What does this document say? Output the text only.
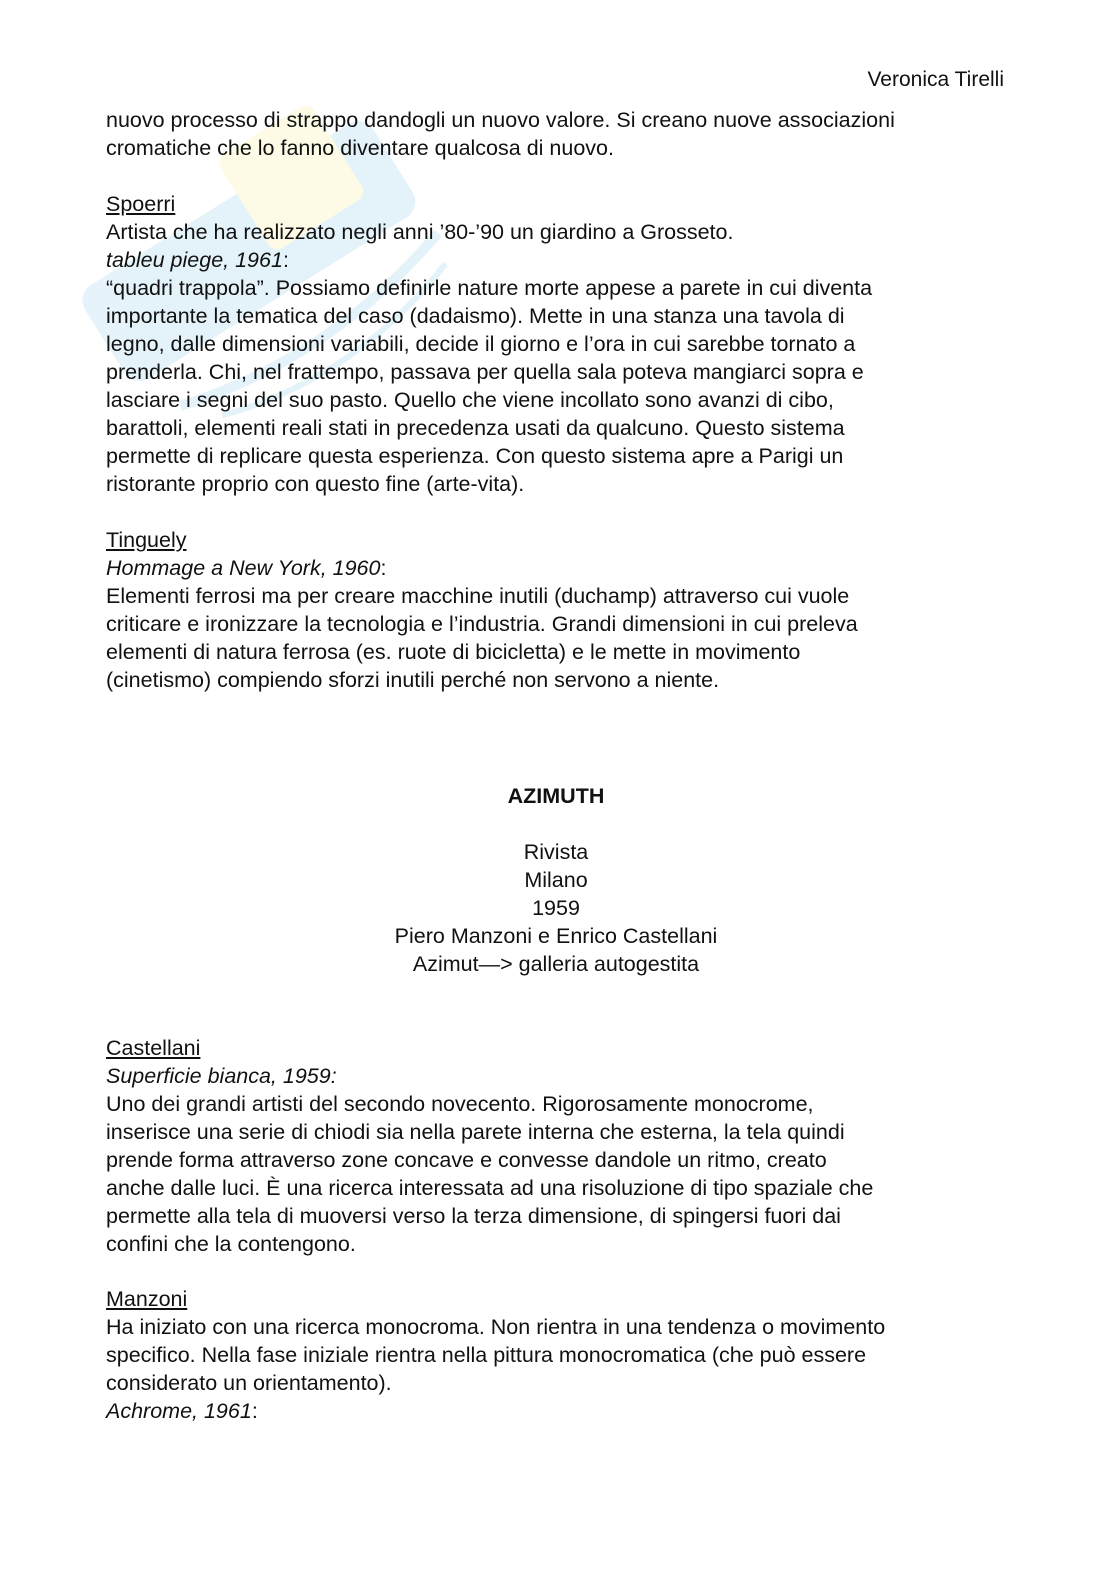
Veronica Tirelli

nuovo processo di strappo dandogli un nuovo valore. Si creano nuove associazioni

cromatiche che lo fanno diventare qualcosa di nuovo.

Spoerri

Artista che ha realizzato negli anni ’80-’90 un giardino a Grosseto.

tableu piege, 1961:

“quadri trappola”. Possiamo definirle nature morte appese a parete in cui diventa

importante la tematica del caso (dadaismo). Mette in una stanza una tavola di

legno, dalle dimensioni variabili, decide il giorno e l’ora in cui sarebbe tornato a

prenderla. Chi, nel frattempo, passava per quella sala poteva mangiarci sopra e

lasciare i segni del suo pasto. Quello che viene incollato sono avanzi di cibo,

barattoli, elementi reali stati in precedenza usati da qualcuno. Questo sistema

permette di replicare questa esperienza. Con questo sistema apre a Parigi un

ristorante proprio con questo fine (arte-vita).

Tinguely

Hommage a New York, 1960:

Elementi ferrosi ma per creare macchine inutili (duchamp) attraverso cui vuole

criticare e ironizzare la tecnologia e l’industria. Grandi dimensioni in cui preleva

elementi di natura ferrosa (es. ruote di bicicletta) e le mette in movimento

(cinetismo) compiendo sforzi inutili perché non servono a niente.

AZIMUTH

Rivista

Milano

1959

Piero Manzoni e Enrico Castellani

Azimut—> galleria autogestita

Castellani

Superficie bianca, 1959:

Uno dei grandi artisti del secondo novecento. Rigorosamente monocrome,

inserisce una serie di chiodi sia nella parete interna che esterna, la tela quindi

prende forma attraverso zone concave e convesse dandole un ritmo, creato

anche dalle luci. È una ricerca interessata ad una risoluzione di tipo spaziale che

permette alla tela di muoversi verso la terza dimensione, di spingersi fuori dai

confini che la contengono.

Manzoni

Ha iniziato con una ricerca monocroma. Non rientra in una tendenza o movimento

specifico. Nella fase iniziale rientra nella pittura monocromatica (che può essere

considerato un orientamento).

Achrome, 1961:
